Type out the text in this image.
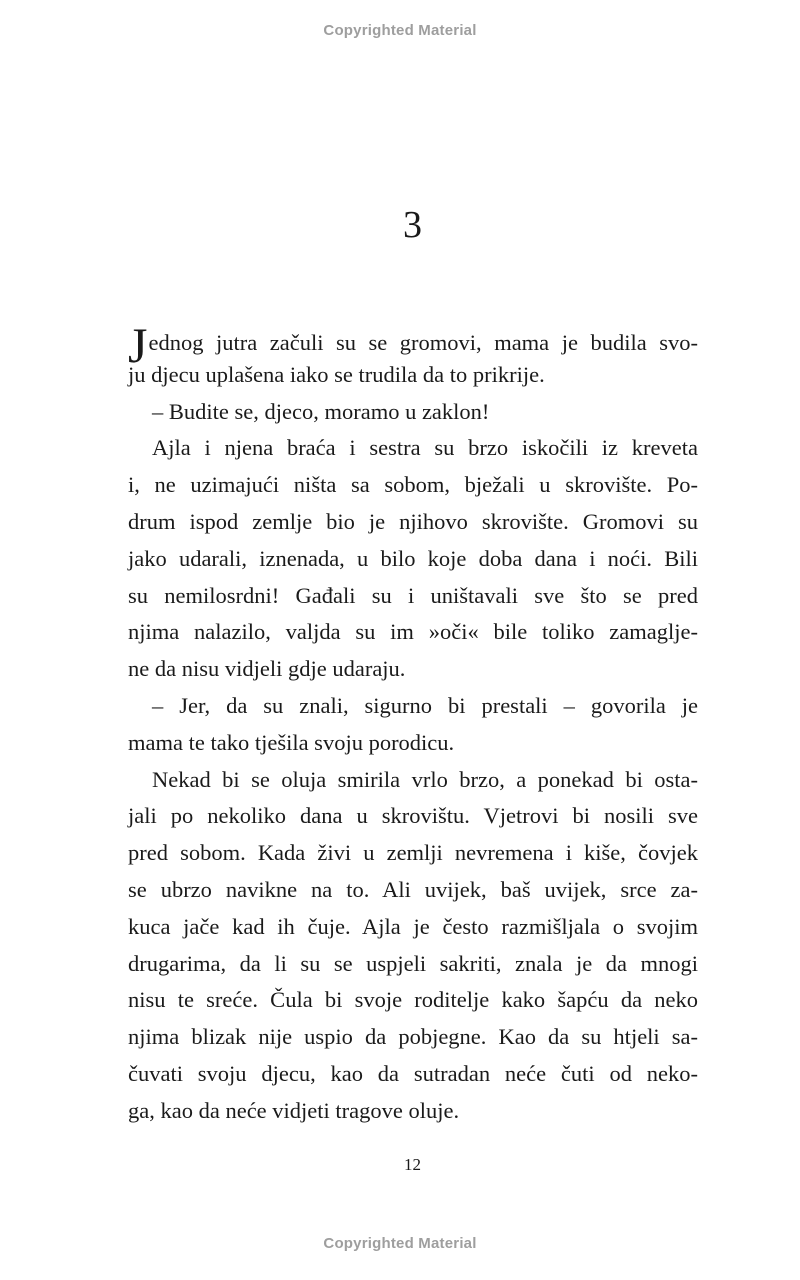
Copyrighted Material
3
Jednog jutra začuli su se gromovi, mama je budila svo-
ju djecu uplašena iako se trudila da to prikrije.
– Budite se, djeco, moramo u zaklon!
Ajla i njena braća i sestra su brzo iskočili iz kreveta
i, ne uzimajući ništa sa sobom, bježali u skrovište. Po-
drum ispod zemlje bio je njihovo skrovište. Gromovi su
jako udarali, iznenada, u bilo koje doba dana i noći. Bili
su nemilosrdni! Gađali su i uništavali sve što se pred
njima nalazilo, valjda su im »oči« bile toliko zamaglje-
ne da nisu vidjeli gdje udaraju.
– Jer, da su znali, sigurno bi prestali – govorila je
mama te tako tješila svoju porodicu.
Nekad bi se oluja smirila vrlo brzo, a ponekad bi osta-
jali po nekoliko dana u skrovištu. Vjetrovi bi nosili sve
pred sobom. Kada živi u zemlji nevremena i kiše, čovjek
se ubrzo navikne na to. Ali uvijek, baš uvijek, srce za-
kuca jače kad ih čuje. Ajla je često razmišljala o svojim
drugarima, da li su se uspjeli sakriti, znala je da mnogi
nisu te sreće. Čula bi svoje roditelje kako šapću da neko
njima blizak nije uspio da pobjegne. Kao da su htjeli sa-
čuvati svoju djecu, kao da sutradan neće čuti od neko-
ga, kao da neće vidjeti tragove oluje.
12
Copyrighted Material
